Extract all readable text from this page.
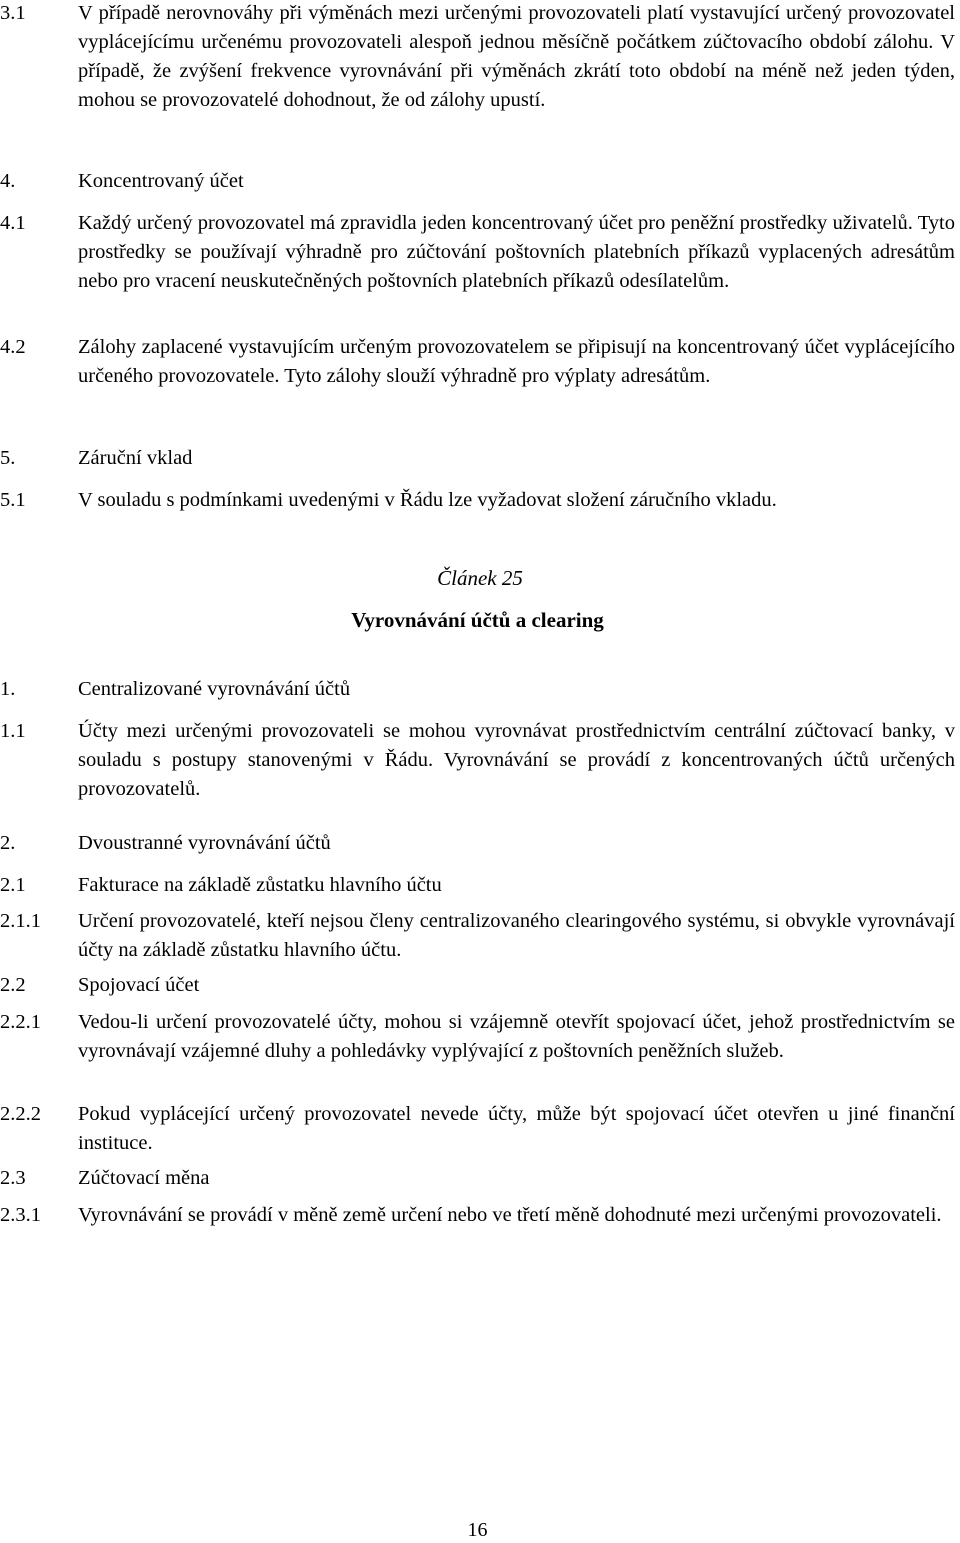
3.1	V případě nerovnováhy při výměnách mezi určenými provozovateli platí vystavující určený provozovatel vyplácejícímu určenému provozovateli alespoň jednou měsíčně počátkem zúčtovacího období zálohu. V případě, že zvýšení frekvence vyrovnávání při výměnách zkrátí toto období na méně než jeden týden, mohou se provozovatelé dohodnout, že od zálohy upustí.
4.	Koncentrovaný účet
4.1	Každý určený provozovatel má zpravidla jeden koncentrovaný účet pro peněžní prostředky uživatelů. Tyto prostředky se používají výhradně pro zúčtování poštovních platebních příkazů vyplacených adresátům nebo pro vracení neuskutečněných poštovních platebních příkazů odesílatelům.
4.2	Zálohy zaplacené vystavujícím určeným provozovatelem se připisují na koncentrovaný účet vyplácejícího určeného provozovatele. Tyto zálohy slouží výhradně pro výplaty adresátům.
5.	Záruční vklad
5.1	V souladu s podmínkami uvedenými v Řádu lze vyžadovat složení záručního vkladu.
Článek 25
Vyrovnávání účtů a clearing
1.	Centralizované vyrovnávání účtů
1.1	Účty mezi určenými provozovateli se mohou vyrovnávat prostřednictvím centrální zúčtovací banky, v souladu s postupy stanovenými v Řádu. Vyrovnávání se provádí z koncentrovaných účtů určených provozovatelů.
2.	Dvoustranné vyrovnávání účtů
2.1	Fakturace na základě zůstatku hlavního účtu
2.1.1 Určení provozovatelé, kteří nejsou členy centralizovaného clearingového systému, si obvykle vyrovnávají účty na základě zůstatku hlavního účtu.
2.2	Spojovací účet
2.2.1 Vedou-li určení provozovatelé účty, mohou si vzájemně otevřít spojovací účet, jehož prostřednictvím se vyrovnávají vzájemné dluhy a pohledávky vyplývající z poštovních peněžních služeb.
2.2.2 Pokud vyplácející určený provozovatel nevede účty, může být spojovací účet otevřen u jiné finanční instituce.
2.3	Zúčtovací měna
2.3.1 Vyrovnávání se provádí v měně země určení nebo ve třetí měně dohodnuté mezi určenými provozovateli.
16
